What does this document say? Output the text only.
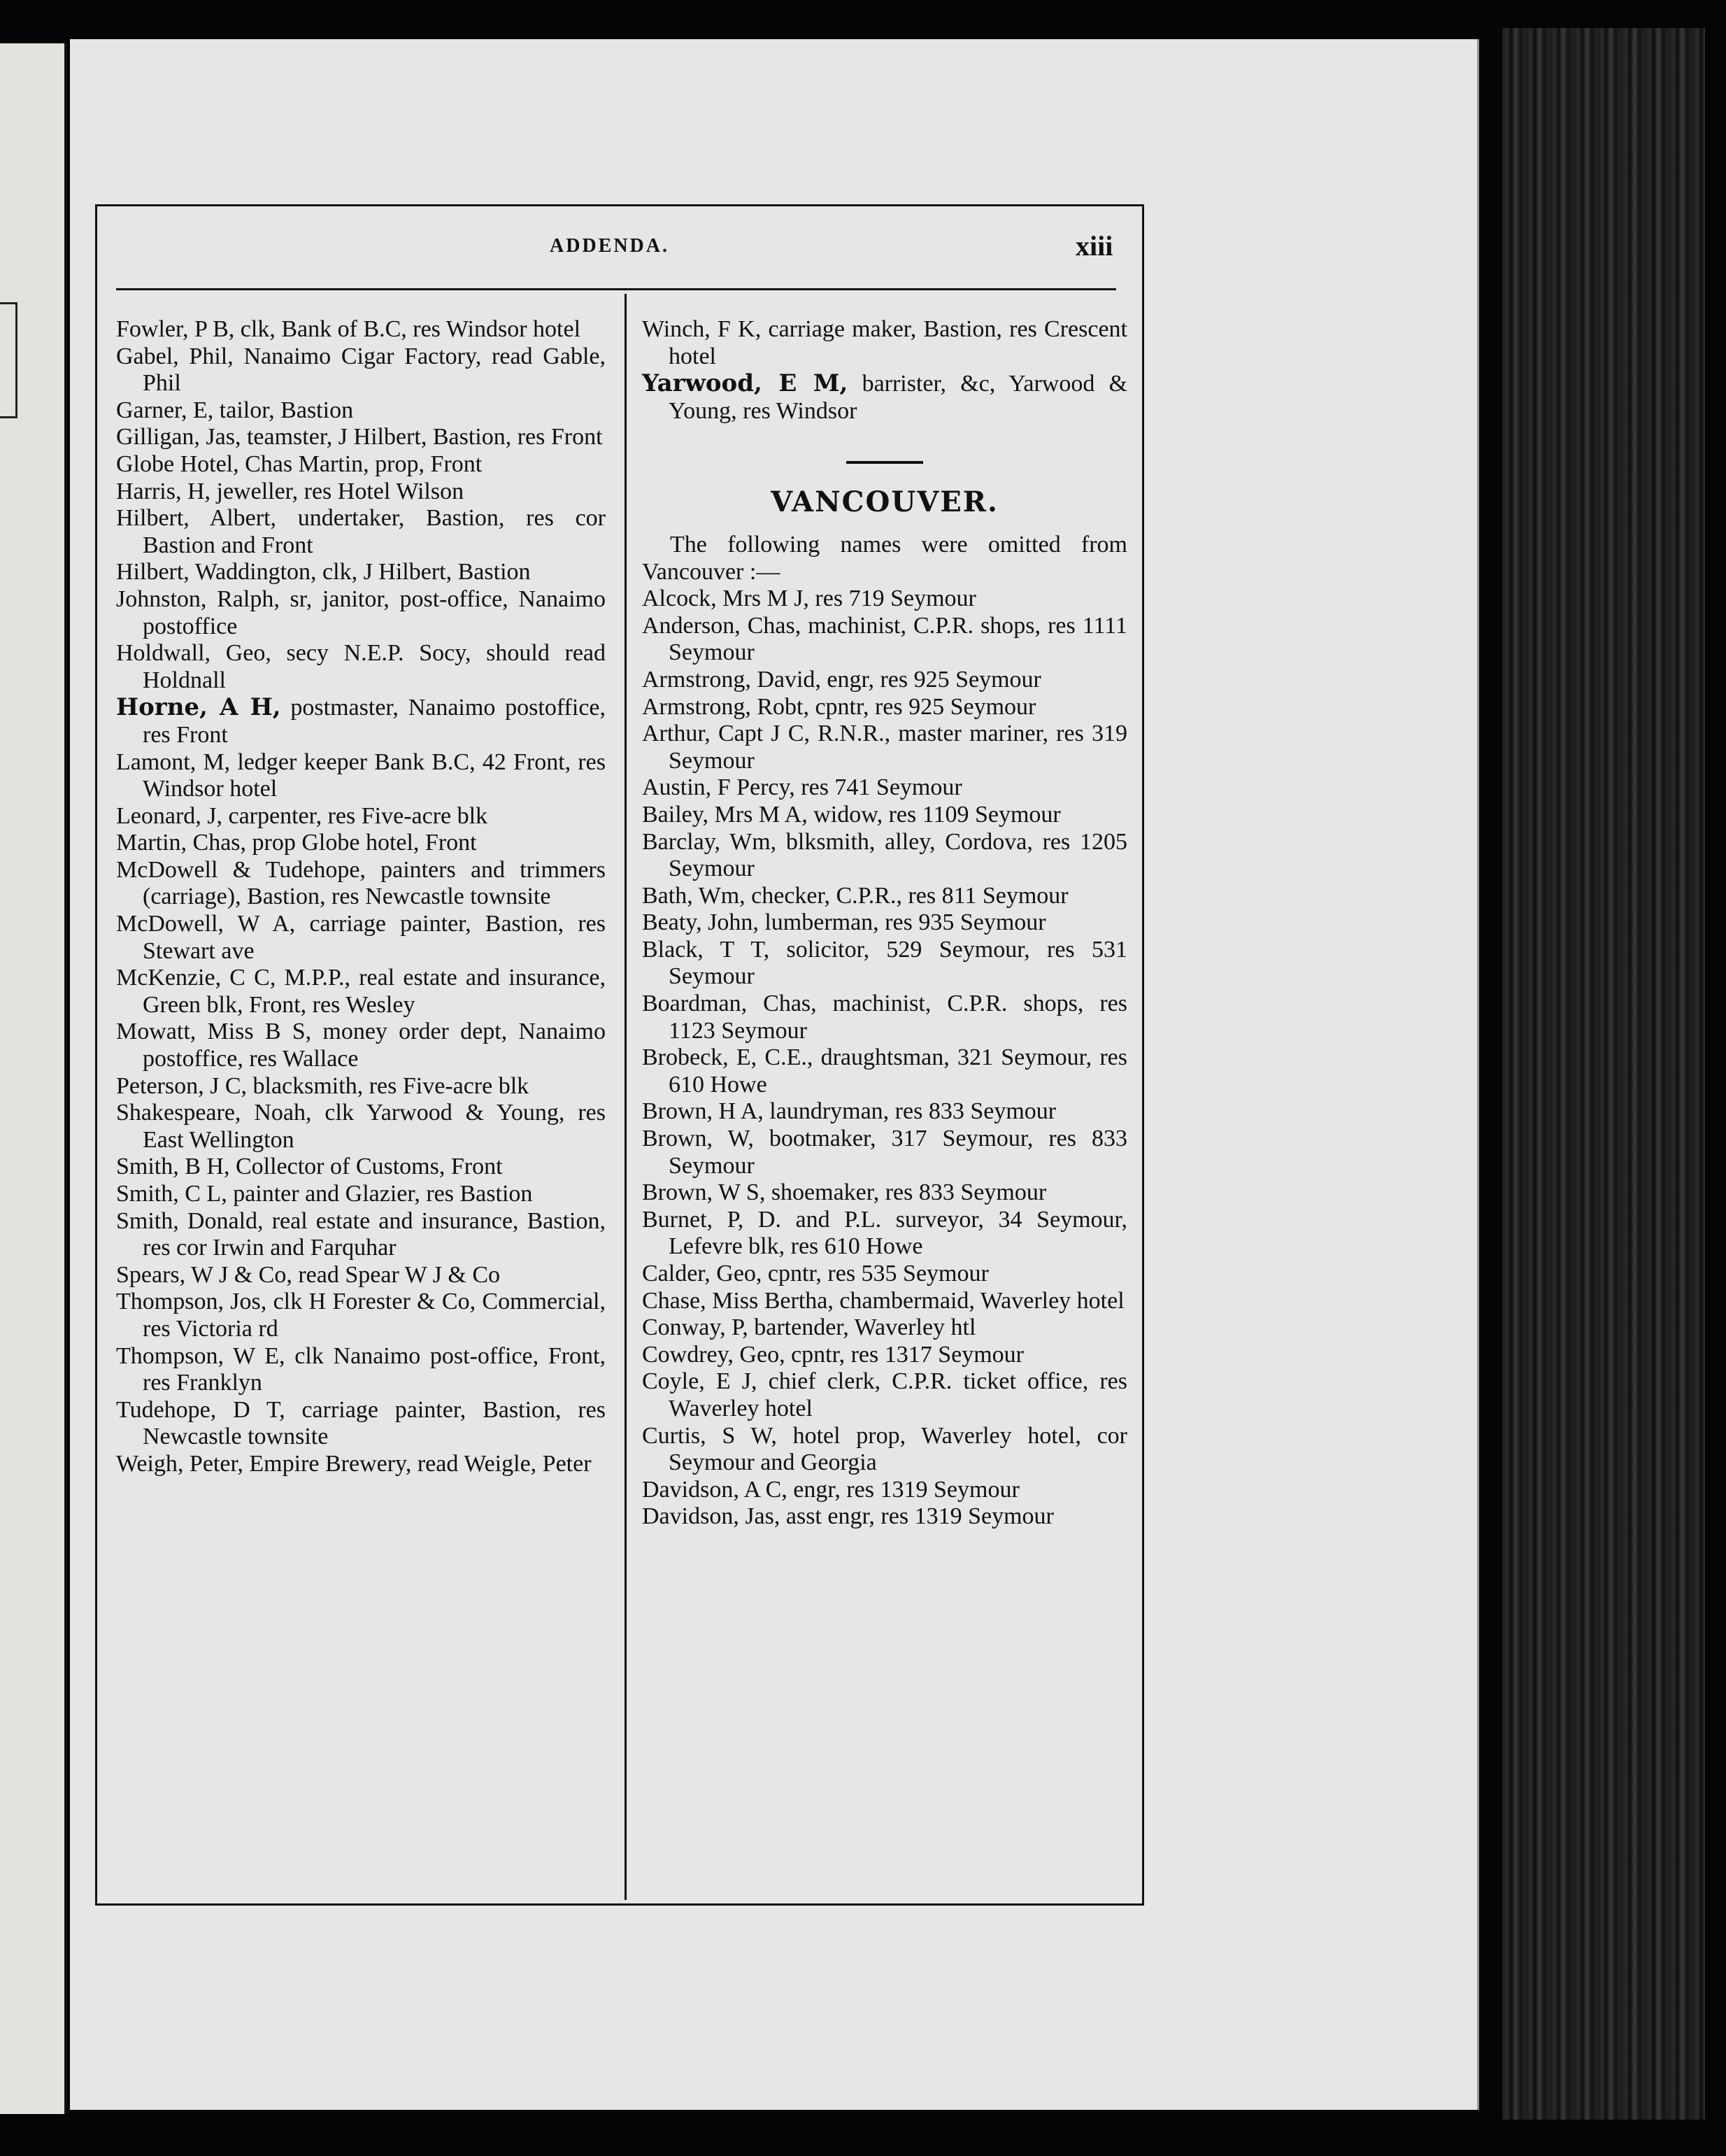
ADDENDA.	xiii
Fowler, P B, clk, Bank of B.C, res Windsor hotel
Gabel, Phil, Nanaimo Cigar Factory, read Gable, Phil
Garner, E, tailor, Bastion
Gilligan, Jas, teamster, J Hilbert, Bastion, res Front
Globe Hotel, Chas Martin, prop, Front
Harris, H, jeweller, res Hotel Wilson
Hilbert, Albert, undertaker, Bastion, res cor Bastion and Front
Hilbert, Waddington, clk, J Hilbert, Bastion
Johnston, Ralph, sr, janitor, post-office, Nanaimo postoffice
Holdwall, Geo, secy N.E.P. Socy, should read Holdnall
Horne, A H, postmaster, Nanaimo postoffice, res Front
Lamont, M, ledger keeper Bank B.C, 42 Front, res Windsor hotel
Leonard, J, carpenter, res Five-acre blk
Martin, Chas, prop Globe hotel, Front
McDowell & Tudehope, painters and trimmers (carriage), Bastion, res Newcastle townsite
McDowell, W A, carriage painter, Bastion, res Stewart ave
McKenzie, C C, M.P.P., real estate and insurance, Green blk, Front, res Wesley
Mowatt, Miss B S, money order dept, Nanaimo postoffice, res Wallace
Peterson, J C, blacksmith, res Five-acre blk
Shakespeare, Noah, clk Yarwood & Young, res East Wellington
Smith, B H, Collector of Customs, Front
Smith, C L, painter and Glazier, res Bastion
Smith, Donald, real estate and insurance, Bastion, res cor Irwin and Farquhar
Spears, W J & Co, read Spear W J & Co
Thompson, Jos, clk H Forester & Co, Commercial, res Victoria rd
Thompson, W E, clk Nanaimo post-office, Front, res Franklyn
Tudehope, D T, carriage painter, Bastion, res Newcastle townsite
Weigh, Peter, Empire Brewery, read Weigle, Peter
Winch, F K, carriage maker, Bastion, res Crescent hotel
Yarwood, E M, barrister, &c, Yarwood & Young, res Windsor
VANCOUVER.
The following names were omitted from Vancouver :—
Alcock, Mrs M J, res 719 Seymour
Anderson, Chas, machinist, C.P.R. shops, res 1111 Seymour
Armstrong, David, engr, res 925 Seymour
Armstrong, Robt, cpntr, res 925 Seymour
Arthur, Capt J C, R.N.R., master mariner, res 319 Seymour
Austin, F Percy, res 741 Seymour
Bailey, Mrs M A, widow, res 1109 Seymour
Barclay, Wm, blksmith, alley, Cordova, res 1205 Seymour
Bath, Wm, checker, C.P.R., res 811 Seymour
Beaty, John, lumberman, res 935 Seymour
Black, T T, solicitor, 529 Seymour, res 531 Seymour
Boardman, Chas, machinist, C.P.R. shops, res 1123 Seymour
Brobeck, E, C.E., draughtsman, 321 Seymour, res 610 Howe
Brown, H A, laundryman, res 833 Seymour
Brown, W, bootmaker, 317 Seymour, res 833 Seymour
Brown, W S, shoemaker, res 833 Seymour
Burnet, P, D. and P.L. surveyor, 34 Seymour, Lefevre blk, res 610 Howe
Calder, Geo, cpntr, res 535 Seymour
Chase, Miss Bertha, chambermaid, Waverley hotel
Conway, P, bartender, Waverley htl
Cowdrey, Geo, cpntr, res 1317 Seymour
Coyle, E J, chief clerk, C.P.R. ticket office, res Waverley hotel
Curtis, S W, hotel prop, Waverley hotel, cor Seymour and Georgia
Davidson, A C, engr, res 1319 Seymour
Davidson, Jas, asst engr, res 1319 Seymour
